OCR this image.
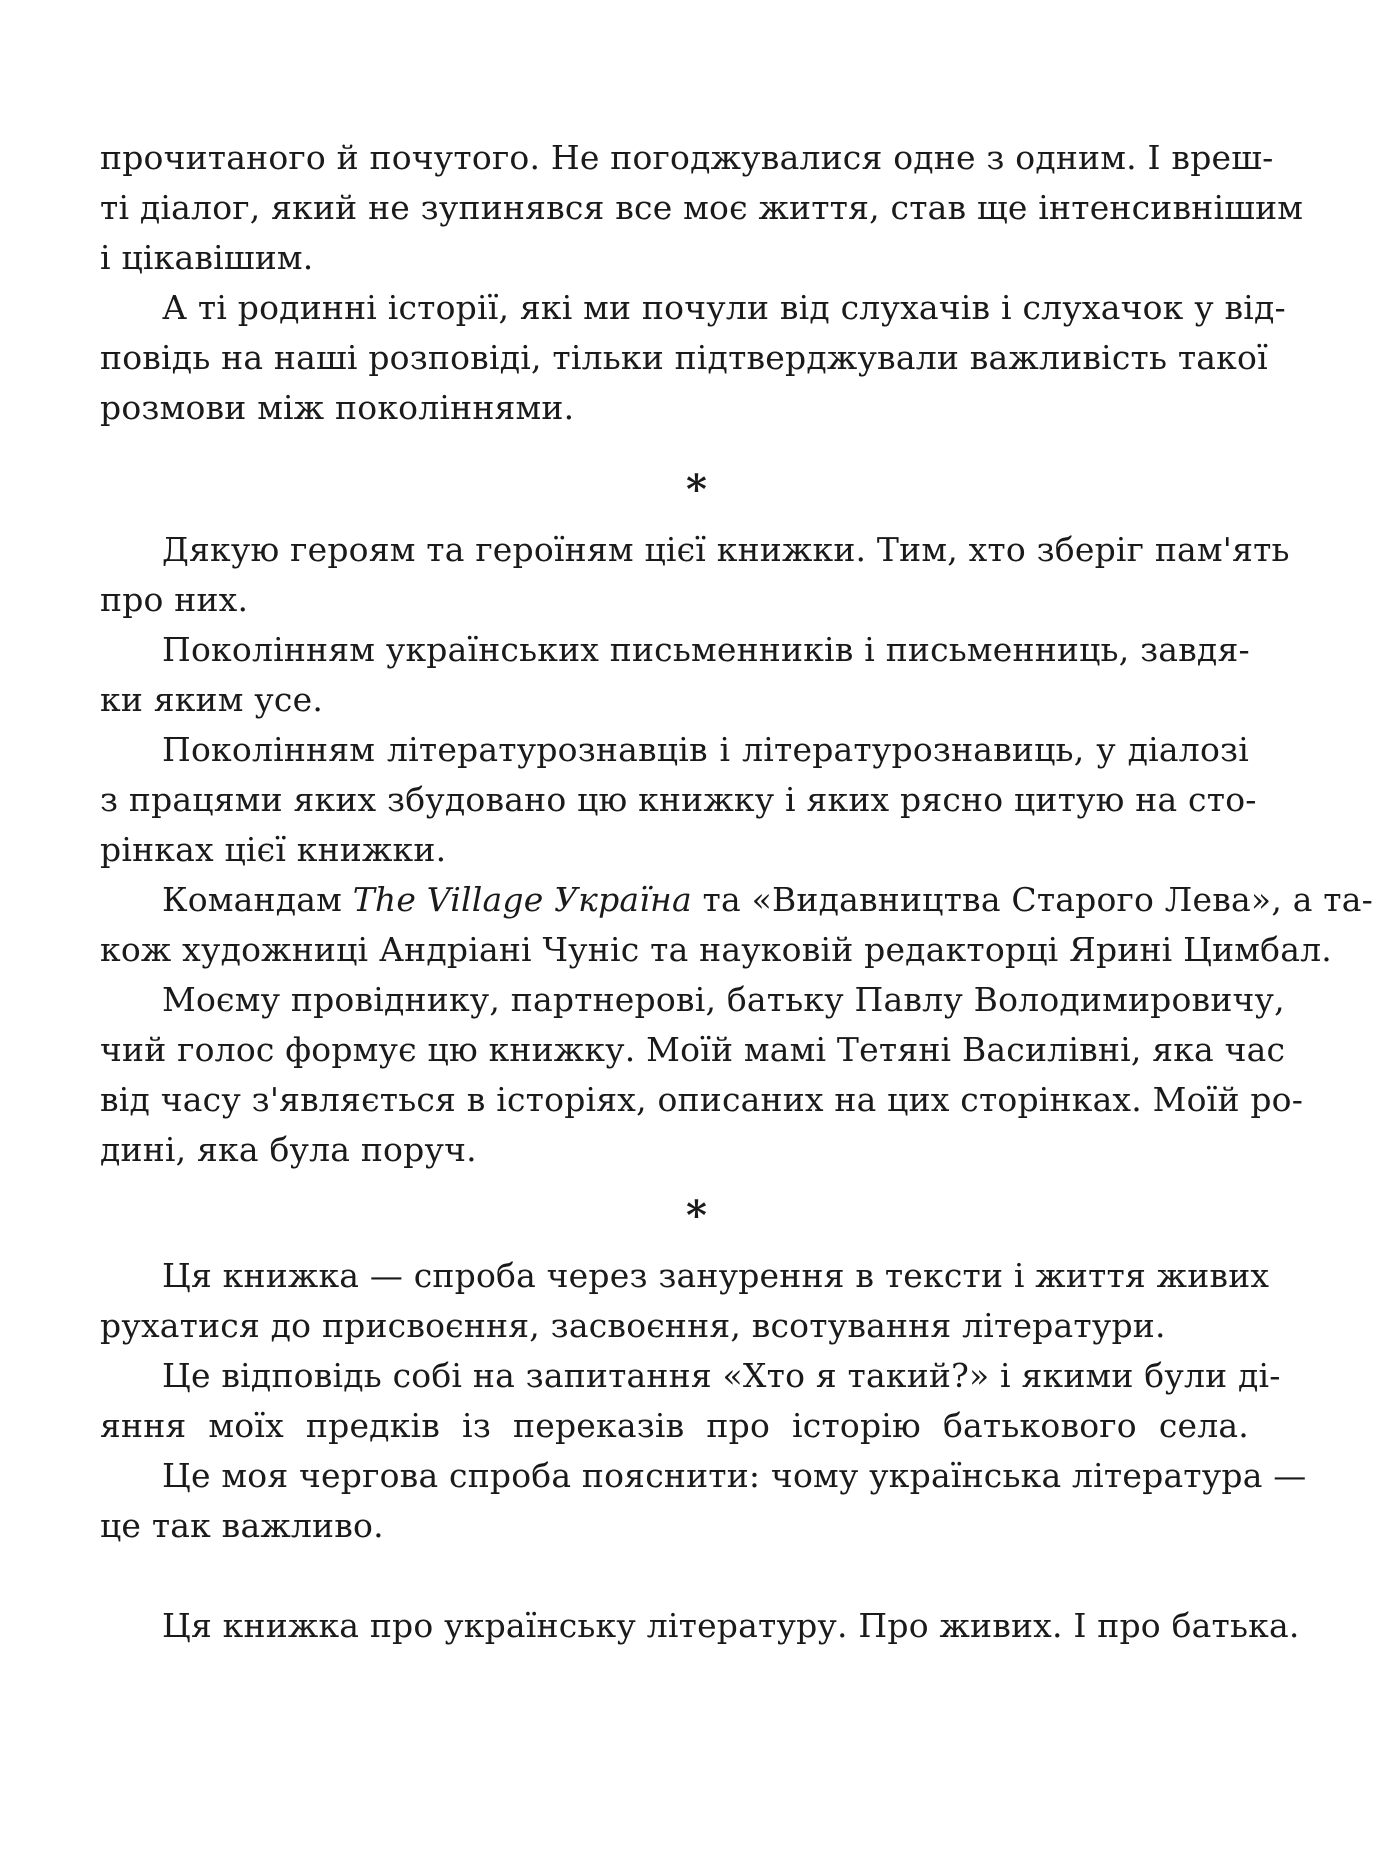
прочитаного й почутого. Не погоджувалися одне з одним. І вреш-
ті діалог, який не зупинявся все моє життя, став ще інтенсивнішим
і цікавішим.
А ті родинні історії, які ми почули від слухачів і слухачок у від-
повідь на наші розповіді, тільки підтверджували важливість такої
розмови між поколіннями.
*
Дякую героям та героїням цієї книжки. Тим, хто зберіг пам'ять
про них.
Поколінням українських письменників і письменниць, завдя-
ки яким усе.
Поколінням літературознавців і літературознавиць, у діалозі
з працями яких збудовано цю книжку і яких рясно цитую на сто-
рінках цієї книжки.
Командам The Village Україна та «Видавництва Старого Лева», а та-
кож художниці Андріані Чуніс та науковій редакторці Ярині Цимбал.
Моєму провіднику, партнерові, батьку Павлу Володимировичу,
чий голос формує цю книжку. Моїй мамі Тетяні Василівні, яка час
від часу з'являється в історіях, описаних на цих сторінках. Моїй ро-
дині, яка була поруч.
*
Ця книжка — спроба через занурення в тексти і життя живих
рухатися до присвоєння, засвоєння, всотування літератури.
Це відповідь собі на запитання «Хто я такий?» і якими були ді-
яння моїх предків із переказів про історію батькового села.
Це моя чергова спроба пояснити: чому українська література —
це так важливо.
Ця книжка про українську літературу. Про живих. І про батька.
